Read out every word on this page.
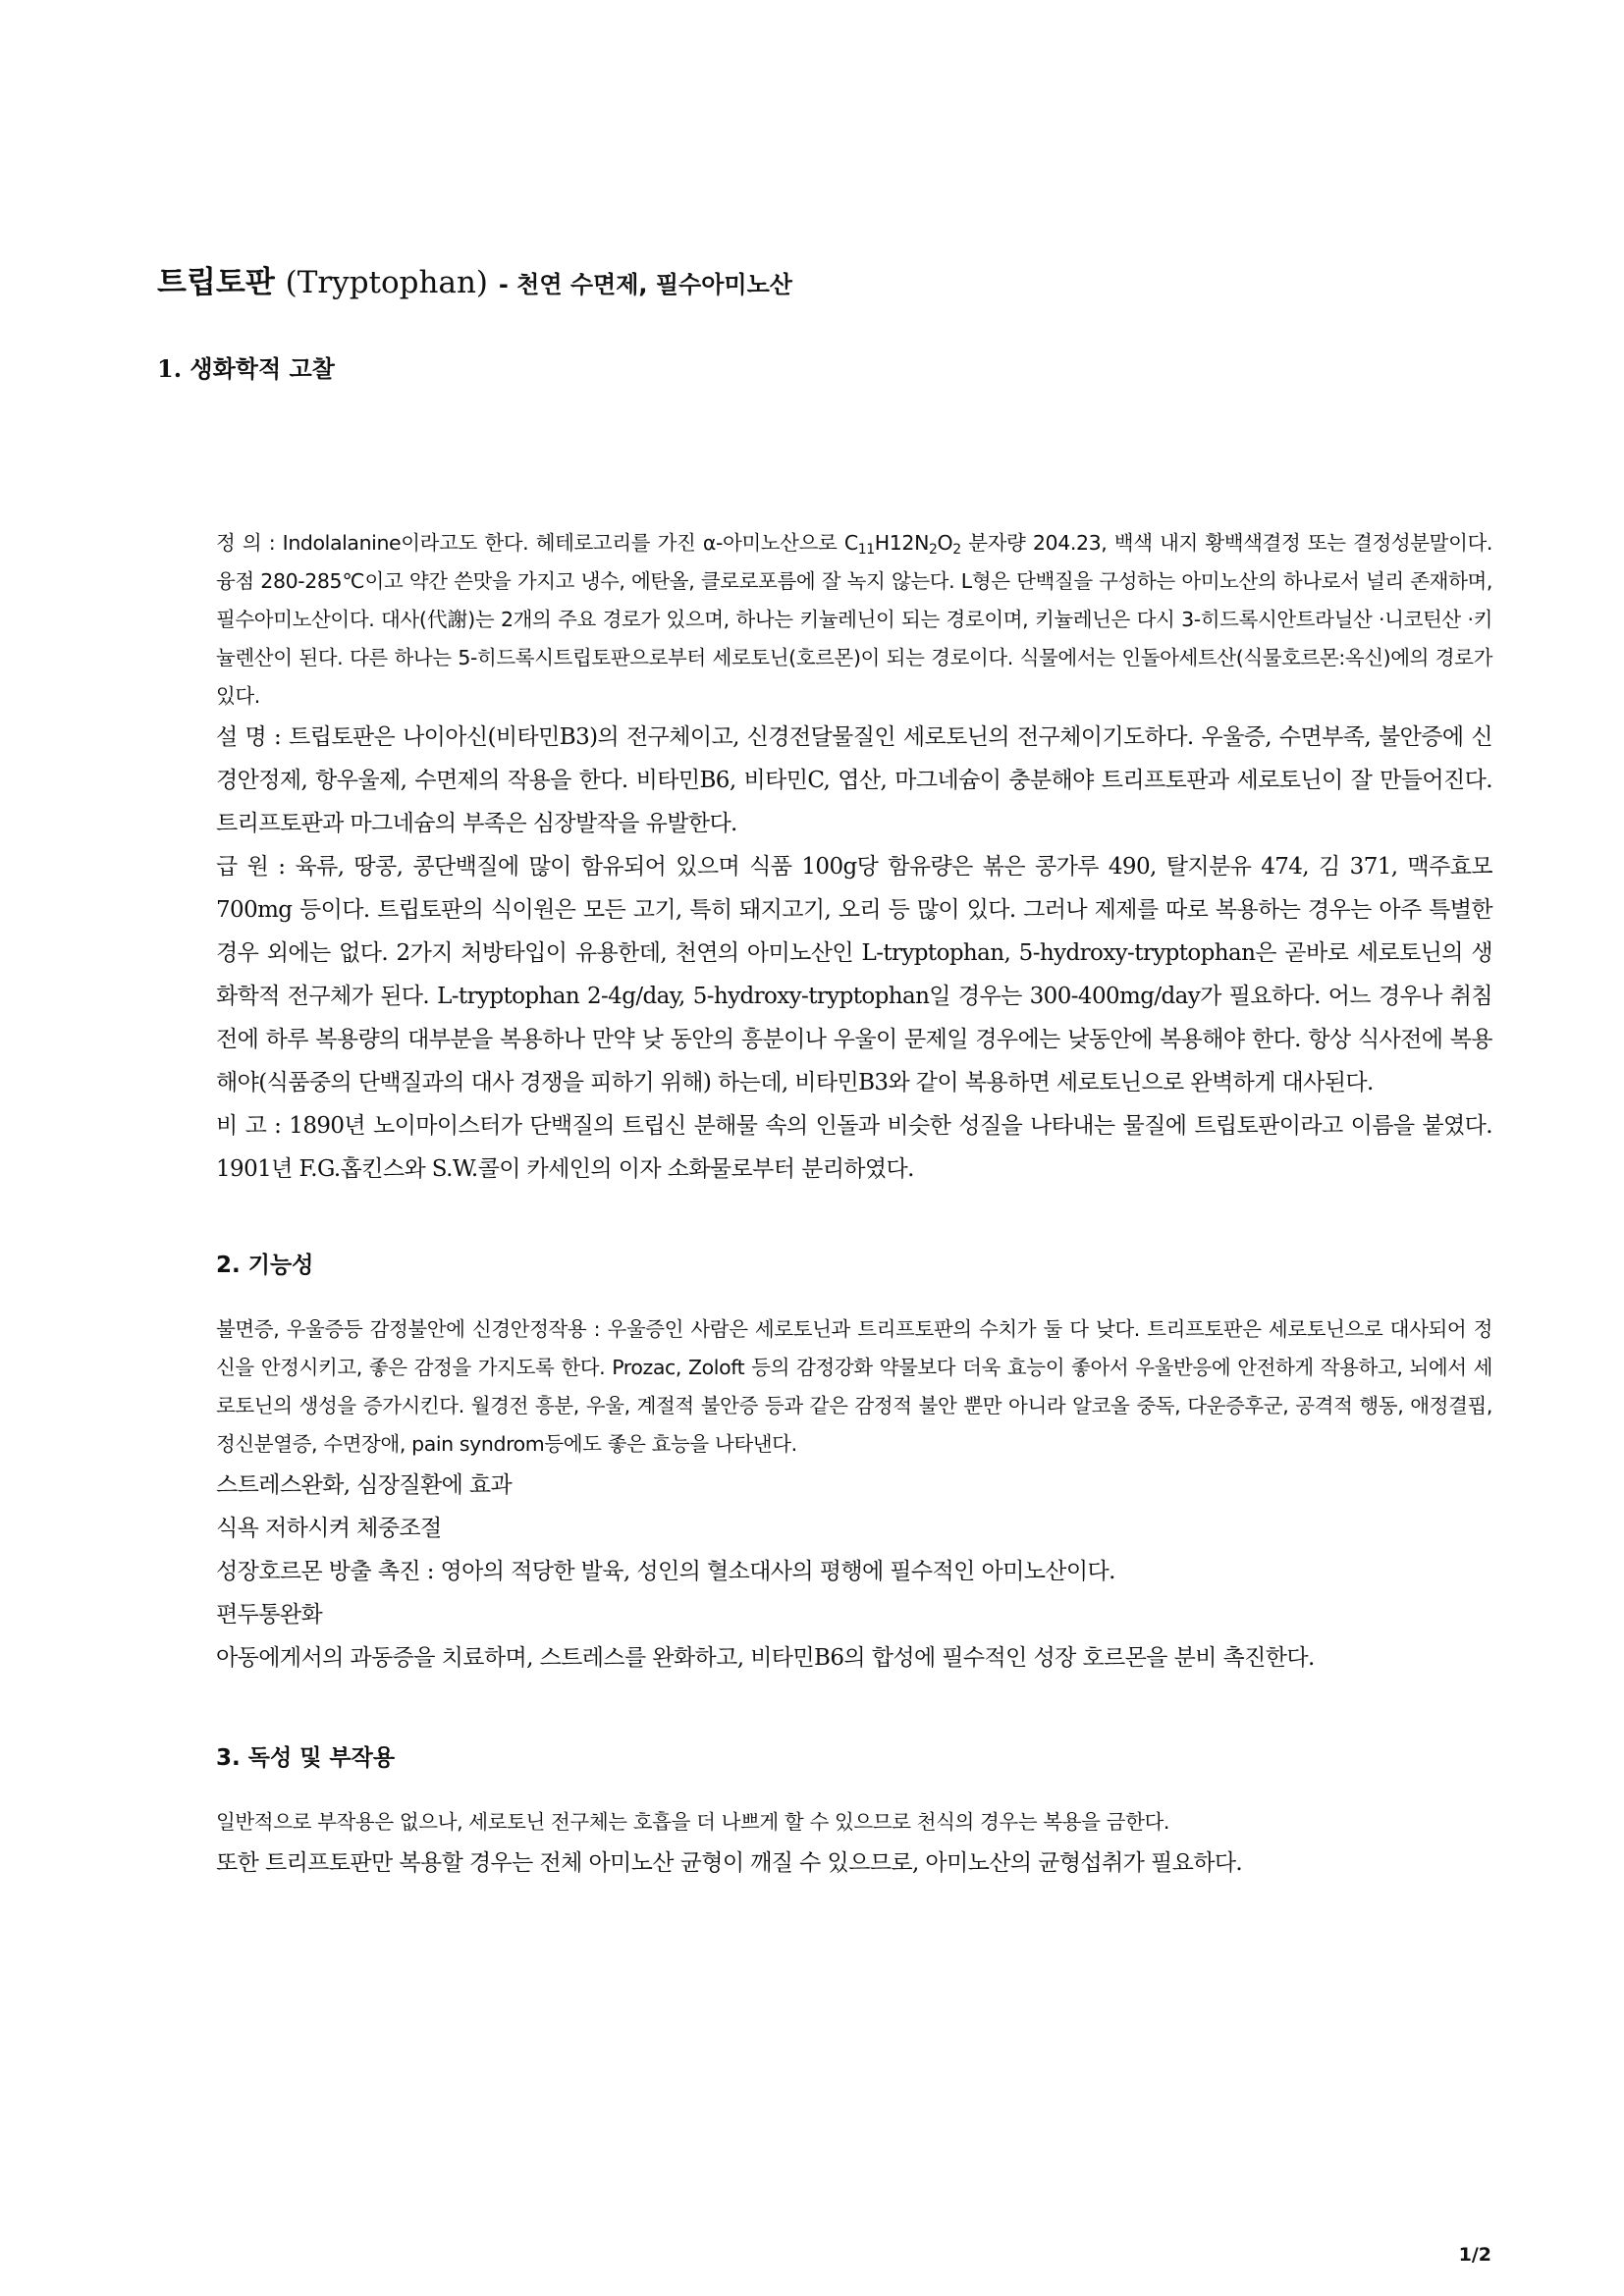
트립토판 (Tryptophan) - 천연 수면제, 필수아미노산
1. 생화학적 고찰

정 의 : Indolalanine이라고도 한다. 헤테로고리를 가진 α-아미노산으로 $C_{11}H12N_2O_2$ 분자량 204.23, 백색 내지 황백색결정 또는 결정성분말이다. 융점 280-285℃이고 약간 쓴맛을 가지고 냉수, 에탄올, 클로로포름에 잘 녹지 않는다. L형은 단백질을 구성하는 아미노산의 하나로서 널리 존재하며, 필수아미노산이다. 대사(代謝)는 2개의 주요 경로가 있으며, 하나는 키뉼레닌이 되는 경로이며, 키뉼레닌은 다시 3-히드록시안트라닐산 ·니코틴산 ·키뉼렌산이 된다. 다른 하나는 5-히드록시트립토판으로부터 세로토닌(호르몬)이 되는 경로이다. 식물에서는 인돌아세트산(식물호르몬:옥신)에의 경로가 있다.

설 명 : 트립토판은 나이아신(비타민B3)의 전구체이고, 신경전달물질인 세로토닌의 전구체이기도하다. 우울증, 수면부족, 불안증에 신경안정제, 항우울제, 수면제의 작용을 한다. 비타민B6, 비타민C, 엽산, 마그네슘이 충분해야 트리프토판과 세로토닌이 잘 만들어진다. 트리프토판과 마그네슘의 부족은 심장발작을 유발한다.

급 원 : 육류, 땅콩, 콩단백질에 많이 함유되어 있으며 식품 100g당 함유량은 볶은 콩가루 490, 탈지분유 474, 김 371, 맥주효모 700mg 등이다. 트립토판의 식이원은 모든 고기, 특히 돼지고기, 오리 등 많이 있다. 그러나 제제를 따로 복용하는 경우는 아주 특별한 경우 외에는 없다. 2가지 처방타입이 유용한데, 천연의 아미노산인 L-tryptophan, 5-hydroxy-tryptophan은 곧바로 세로토닌의 생화학적 전구체가 된다. L-tryptophan 2-4g/day, 5-hydroxy-tryptophan일 경우는 300-400mg/day가 필요하다. 어느 경우나 취침전에 하루 복용량의 대부분을 복용하나 만약 낮 동안의 흥분이나 우울이 문제일 경우에는 낮동안에 복용해야 한다. 항상 식사전에 복용해야(식품중의 단백질과의 대사 경쟁을 피하기 위해) 하는데, 비타민B3와 같이 복용하면 세로토닌으로 완벽하게 대사된다.

비 고 : 1890년 노이마이스터가 단백질의 트립신 분해물 속의 인돌과 비슷한 성질을 나타내는 물질에 트립토판이라고 이름을 붙였다. 1901년 F.G.홉킨스와 S.W.콜이 카세인의 이자 소화물로부터 분리하였다.

2. 기능성

불면증, 우울증등 감정불안에 신경안정작용 : 우울증인 사람은 세로토닌과 트리프토판의 수치가 둘 다 낮다. 트리프토판은 세로토닌으로 대사되어 정신을 안정시키고, 좋은 감정을 가지도록 한다. Prozac, Zoloft 등의 감정강화 약물보다 더욱 효능이 좋아서 우울반응에 안전하게 작용하고, 뇌에서 세로토닌의 생성을 증가시킨다. 월경전 흥분, 우울, 계절적 불안증 등과 같은 감정적 불안 뿐만 아니라 알코올 중독, 다운증후군, 공격적 행동, 애정결핍, 정신분열증, 수면장애, pain syndrom등에도 좋은 효능을 나타낸다.

스트레스완화, 심장질환에 효과

식욕 저하시켜 체중조절

성장호르몬 방출 촉진 : 영아의 적당한 발육, 성인의 혈소대사의 평행에 필수적인 아미노산이다.

편두통완화

아동에게서의 과동증을 치료하며, 스트레스를 완화하고, 비타민B6의 합성에 필수적인 성장 호르몬을 분비 촉진한다.

3. 독성 및 부작용

일반적으로 부작용은 없으나, 세로토닌 전구체는 호흡을 더 나쁘게 할 수 있으므로 천식의 경우는 복용을 금한다.

또한 트리프토판만 복용할 경우는 전체 아미노산 균형이 깨질 수 있으므로, 아미노산의 균형섭취가 필요하다.

1/2
